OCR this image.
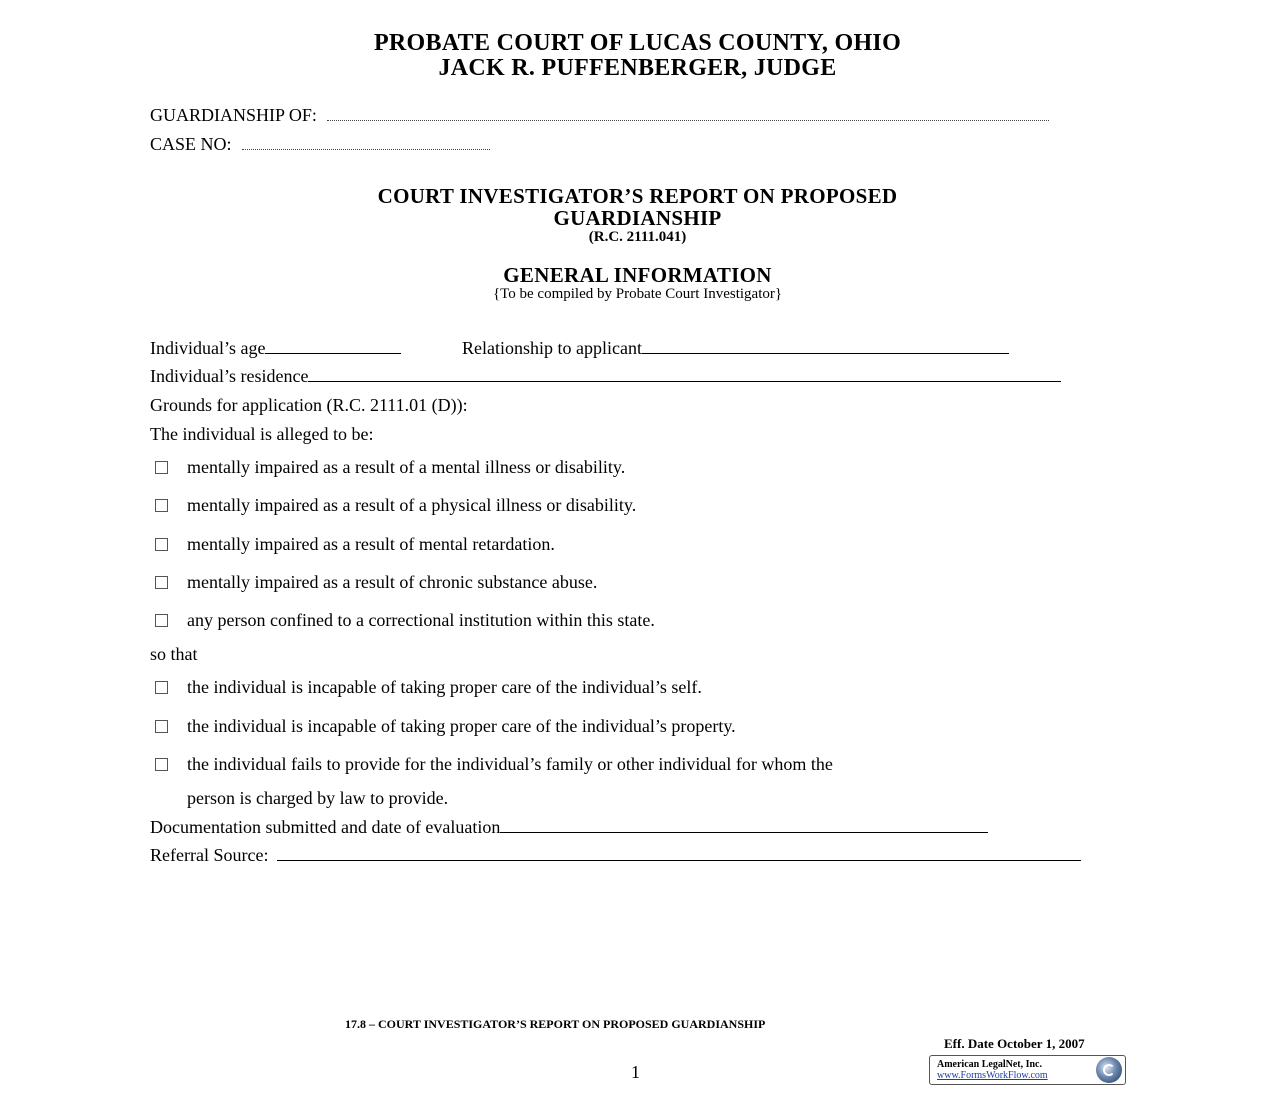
PROBATE COURT OF LUCAS COUNTY, OHIO
JACK R. PUFFENBERGER, JUDGE
GUARDIANSHIP OF:
CASE NO:
COURT INVESTIGATOR’S REPORT ON PROPOSED
GUARDIANSHIP
(R.C. 2111.041)
GENERAL INFORMATION
{To be compiled by Probate Court Investigator}
Individual’s age	Relationship to applicant
Individual’s residence
Grounds for application (R.C. 2111.01 (D)):
The individual is alleged to be:
mentally impaired as a result of a mental illness or disability.
mentally impaired as a result of a physical illness or disability.
mentally impaired as a result of mental retardation.
mentally impaired as a result of chronic substance abuse.
any person confined to a correctional institution within this state.
so that
the individual is incapable of taking proper care of the individual’s self.
the individual is incapable of taking proper care of the individual’s property.
the individual fails to provide for the individual’s family or other individual for whom the
person is charged by law to provide.
Documentation submitted and date of evaluation
Referral Source:
17.8 – COURT INVESTIGATOR’S REPORT ON PROPOSED GUARDIANSHIP
Eff. Date October 1, 2007
1	American LegalNet, Inc.
www.FormsWorkFlow.com
